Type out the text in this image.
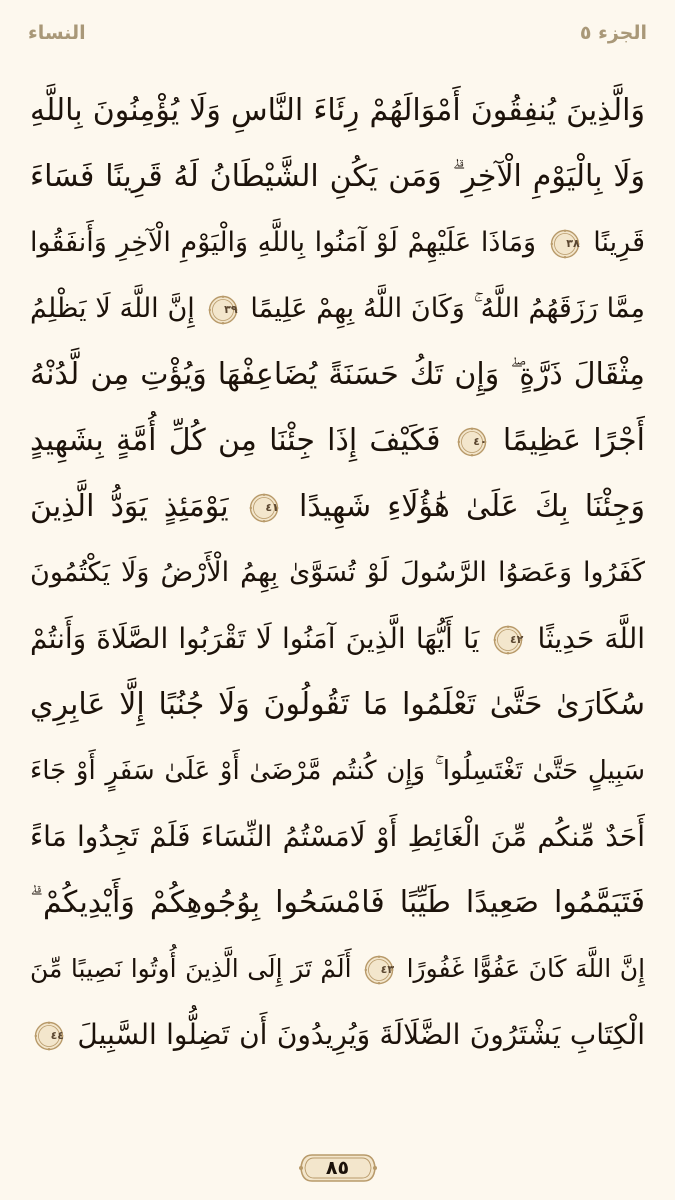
النساء	الجزء ٥
وَالَّذِينَ يُنفِقُونَ أَمْوَالَهُمْ رِئَاءَ النَّاسِ وَلَا يُؤْمِنُونَ بِاللَّهِ
وَلَا بِالْيَوْمِ الْآخِرِ ۗ وَمَن يَكُنِ الشَّيْطَانُ لَهُ قَرِينًا فَسَاءَ
قَرِينًا
٣٨
وَمَاذَا عَلَيْهِمْ لَوْ آمَنُوا بِاللَّهِ وَالْيَوْمِ الْآخِرِ وَأَنفَقُوا
مِمَّا رَزَقَهُمُ اللَّهُ ۚ وَكَانَ اللَّهُ بِهِمْ عَلِيمًا
٣٩
إِنَّ اللَّهَ لَا يَظْلِمُ
مِثْقَالَ ذَرَّةٍ ۖ وَإِن تَكُ حَسَنَةً يُضَاعِفْهَا وَيُؤْتِ مِن لَّدُنْهُ
أَجْرًا عَظِيمًا
٤٠
فَكَيْفَ إِذَا جِئْنَا مِن كُلِّ أُمَّةٍ بِشَهِيدٍ
وَجِئْنَا بِكَ عَلَىٰ هَٰؤُلَاءِ شَهِيدًا
٤١
يَوْمَئِذٍ يَوَدُّ الَّذِينَ
كَفَرُوا وَعَصَوُا الرَّسُولَ لَوْ تُسَوَّىٰ بِهِمُ الْأَرْضُ وَلَا يَكْتُمُونَ
اللَّهَ حَدِيثًا
٤٢
يَا أَيُّهَا الَّذِينَ آمَنُوا لَا تَقْرَبُوا الصَّلَاةَ وَأَنتُمْ
سُكَارَىٰ حَتَّىٰ تَعْلَمُوا مَا تَقُولُونَ وَلَا جُنُبًا إِلَّا عَابِرِي
سَبِيلٍ حَتَّىٰ تَغْتَسِلُوا ۚ وَإِن كُنتُم مَّرْضَىٰ أَوْ عَلَىٰ سَفَرٍ أَوْ جَاءَ
أَحَدٌ مِّنكُم مِّنَ الْغَائِطِ أَوْ لَامَسْتُمُ النِّسَاءَ فَلَمْ تَجِدُوا مَاءً
فَتَيَمَّمُوا صَعِيدًا طَيِّبًا فَامْسَحُوا بِوُجُوهِكُمْ وَأَيْدِيكُمْ ۗ
إِنَّ اللَّهَ كَانَ عَفُوًّا غَفُورًا
٤٣
أَلَمْ تَرَ إِلَى الَّذِينَ أُوتُوا نَصِيبًا مِّنَ
الْكِتَابِ يَشْتَرُونَ الضَّلَالَةَ وَيُرِيدُونَ أَن تَضِلُّوا السَّبِيلَ
٤٤
٨٥
